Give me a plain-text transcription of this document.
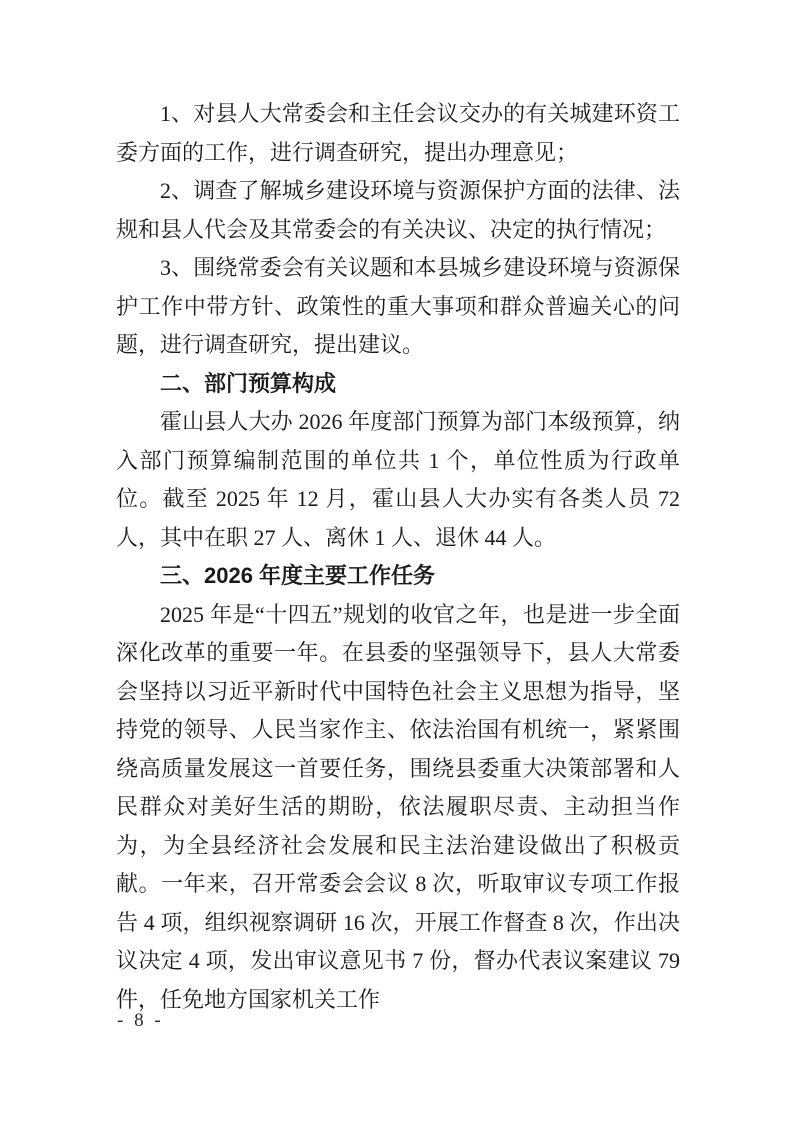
1、对县人大常委会和主任会议交办的有关城建环资工委方面的工作，进行调查研究，提出办理意见；

2、调查了解城乡建设环境与资源保护方面的法律、法规和县人代会及其常委会的有关决议、决定的执行情况；

3、围绕常委会有关议题和本县城乡建设环境与资源保护工作中带方针、政策性的重大事项和群众普遍关心的问题，进行调查研究，提出建议。

二、部门预算构成

霍山县人大办 2026 年度部门预算为部门本级预算，纳入部门预算编制范围的单位共 1 个，单位性质为行政单位。截至 2025 年 12 月，霍山县人大办实有各类人员 72 人，其中在职 27 人、离休 1 人、退休 44 人。

三、2026 年度主要工作任务

2025 年是“十四五”规划的收官之年，也是进一步全面深化改革的重要一年。在县委的坚强领导下，县人大常委会坚持以习近平新时代中国特色社会主义思想为指导，坚持党的领导、人民当家作主、依法治国有机统一，紧紧围绕高质量发展这一首要任务，围绕县委重大决策部署和人民群众对美好生活的期盼，依法履职尽责、主动担当作为，为全县经济社会发展和民主法治建设做出了积极贡献。一年来，召开常委会会议 8 次，听取审议专项工作报告 4 项，组织视察调研 16 次，开展工作督查 8 次，作出决议决定 4 项，发出审议意见书 7 份，督办代表议案建议 79 件，任免地方国家机关工作

- 8 -
